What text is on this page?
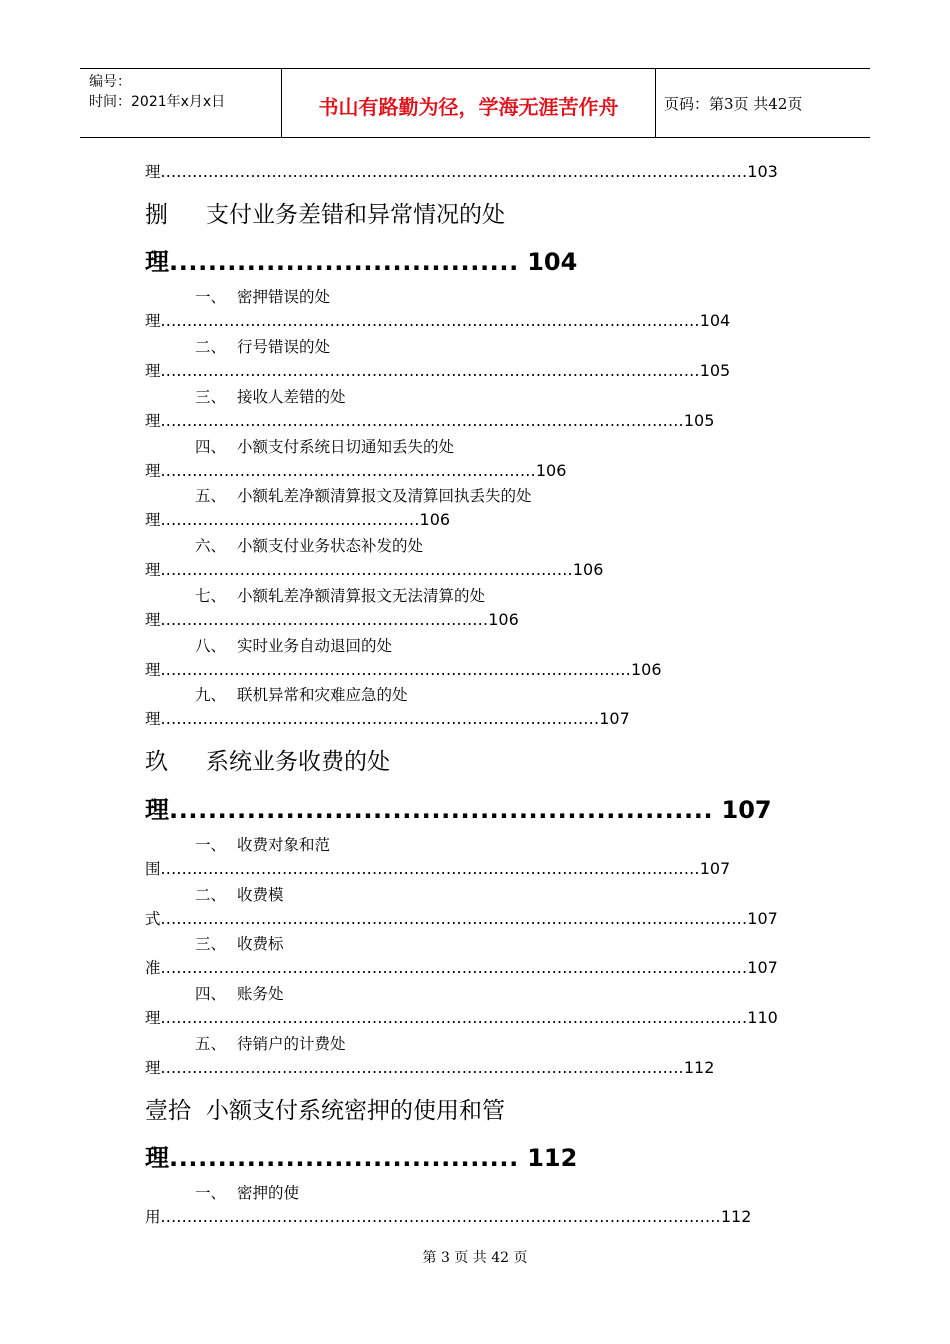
编号：
时间：2021年x月x日	书山有路勤为径，学海无涯苦作舟	页码：第3页 共42页
理...............................................................................................................103
捌 支付业务差错和异常情况的处
理.................................... 104
一、 密押错误的处
理......................................................................................................104
二、 行号错误的处
理......................................................................................................105
三、 接收人差错的处
理...................................................................................................105
四、 小额支付系统日切通知丢失的处
理.......................................................................106
五、 小额轧差净额清算报文及清算回执丢失的处
理.................................................106
六、 小额支付业务状态补发的处
理..............................................................................106
七、 小额轧差净额清算报文无法清算的处
理..............................................................106
八、 实时业务自动退回的处
理.........................................................................................106
九、 联机异常和灾难应急的处
理...................................................................................107
玖 系统业务收费的处
理........................................................ 107
一、 收费对象和范
围......................................................................................................107
二、 收费模
式...............................................................................................................107
三、 收费标
准...............................................................................................................107
四、 账务处
理...............................................................................................................110
五、 待销户的计费处
理...................................................................................................112
壹拾 小额支付系统密押的使用和管
理.................................... 112
一、 密押的使
用..........................................................................................................112
第 3 页 共 42 页
